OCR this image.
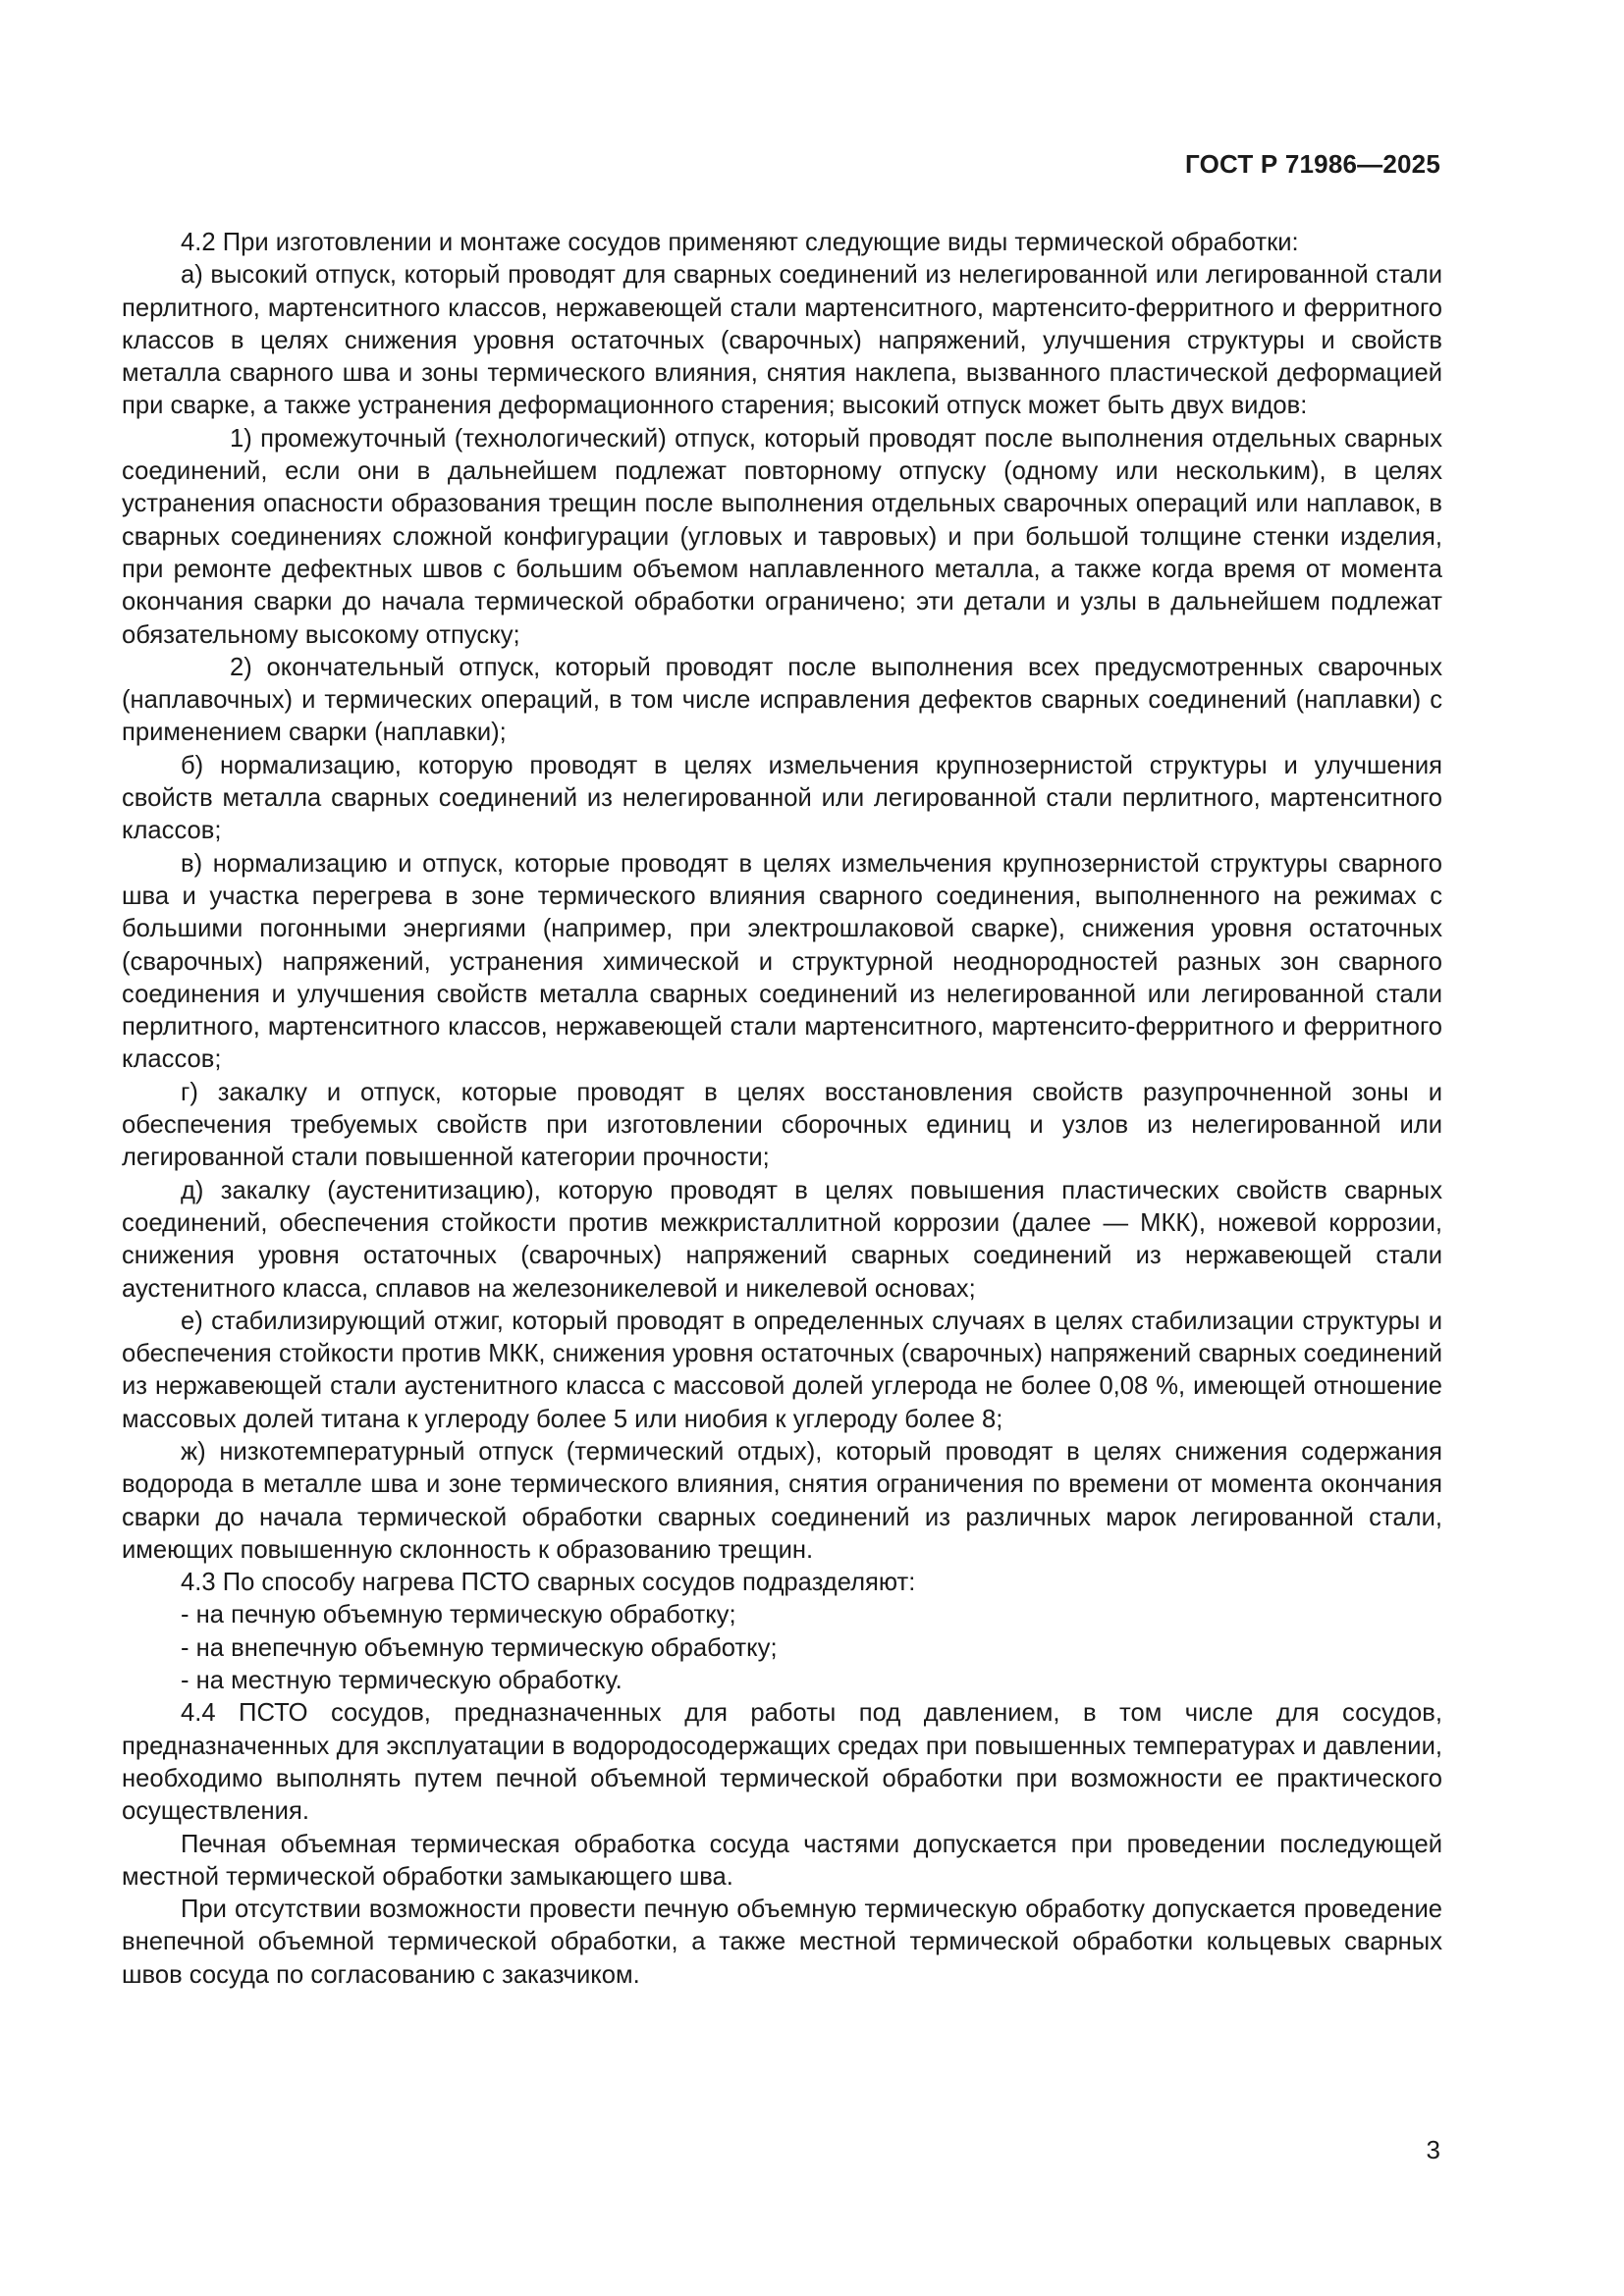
ГОСТ Р 71986—2025

4.2 При изготовлении и монтаже сосудов применяют следующие виды термической обработки:

а) высокий отпуск, который проводят для сварных соединений из нелегированной или легированной стали перлитного, мартенситного классов, нержавеющей стали мартенситного, мартенсито-ферритного и ферритного классов в целях снижения уровня остаточных (сварочных) напряжений, улучшения структуры и свойств металла сварного шва и зоны термического влияния, снятия наклепа, вызванного пластической деформацией при сварке, а также устранения деформационного старения; высокий отпуск может быть двух видов:

1) промежуточный (технологический) отпуск, который проводят после выполнения отдельных сварных соединений, если они в дальнейшем подлежат повторному отпуску (одному или нескольким), в целях устранения опасности образования трещин после выполнения отдельных сварочных операций или наплавок, в сварных соединениях сложной конфигурации (угловых и тавровых) и при большой толщине стенки изделия, при ремонте дефектных швов с большим объемом наплавленного металла, а также когда время от момента окончания сварки до начала термической обработки ограничено; эти детали и узлы в дальнейшем подлежат обязательному высокому отпуску;

2) окончательный отпуск, который проводят после выполнения всех предусмотренных сварочных (наплавочных) и термических операций, в том числе исправления дефектов сварных соединений (наплавки) с применением сварки (наплавки);

б) нормализацию, которую проводят в целях измельчения крупнозернистой структуры и улучшения свойств металла сварных соединений из нелегированной или легированной стали перлитного, мартенситного классов;

в) нормализацию и отпуск, которые проводят в целях измельчения крупнозернистой структуры сварного шва и участка перегрева в зоне термического влияния сварного соединения, выполненного на режимах с большими погонными энергиями (например, при электрошлаковой сварке), снижения уровня остаточных (сварочных) напряжений, устранения химической и структурной неоднородностей разных зон сварного соединения и улучшения свойств металла сварных соединений из нелегированной или легированной стали перлитного, мартенситного классов, нержавеющей стали мартенситного, мартенсито-ферритного и ферритного классов;

г) закалку и отпуск, которые проводят в целях восстановления свойств разупрочненной зоны и обеспечения требуемых свойств при изготовлении сборочных единиц и узлов из нелегированной или легированной стали повышенной категории прочности;

д) закалку (аустенитизацию), которую проводят в целях повышения пластических свойств сварных соединений, обеспечения стойкости против межкристаллитной коррозии (далее — МКК), ножевой коррозии, снижения уровня остаточных (сварочных) напряжений сварных соединений из нержавеющей стали аустенитного класса, сплавов на железоникелевой и никелевой основах;

е) стабилизирующий отжиг, который проводят в определенных случаях в целях стабилизации структуры и обеспечения стойкости против МКК, снижения уровня остаточных (сварочных) напряжений сварных соединений из нержавеющей стали аустенитного класса с массовой долей углерода не более 0,08 %, имеющей отношение массовых долей титана к углероду более 5 или ниобия к углероду более 8;

ж) низкотемпературный отпуск (термический отдых), который проводят в целях снижения содержания водорода в металле шва и зоне термического влияния, снятия ограничения по времени от момента окончания сварки до начала термической обработки сварных соединений из различных марок легированной стали, имеющих повышенную склонность к образованию трещин.

4.3 По способу нагрева ПСТО сварных сосудов подразделяют:

- на печную объемную термическую обработку;

- на внепечную объемную термическую обработку;

- на местную термическую обработку.

4.4 ПСТО сосудов, предназначенных для работы под давлением, в том числе для сосудов, предназначенных для эксплуатации в водородосодержащих средах при повышенных температурах и давлении, необходимо выполнять путем печной объемной термической обработки при возможности ее практического осуществления.

Печная объемная термическая обработка сосуда частями допускается при проведении последующей местной термической обработки замыкающего шва.

При отсутствии возможности провести печную объемную термическую обработку допускается проведение внепечной объемной термической обработки, а также местной термической обработки кольцевых сварных швов сосуда по согласованию с заказчиком.

3
